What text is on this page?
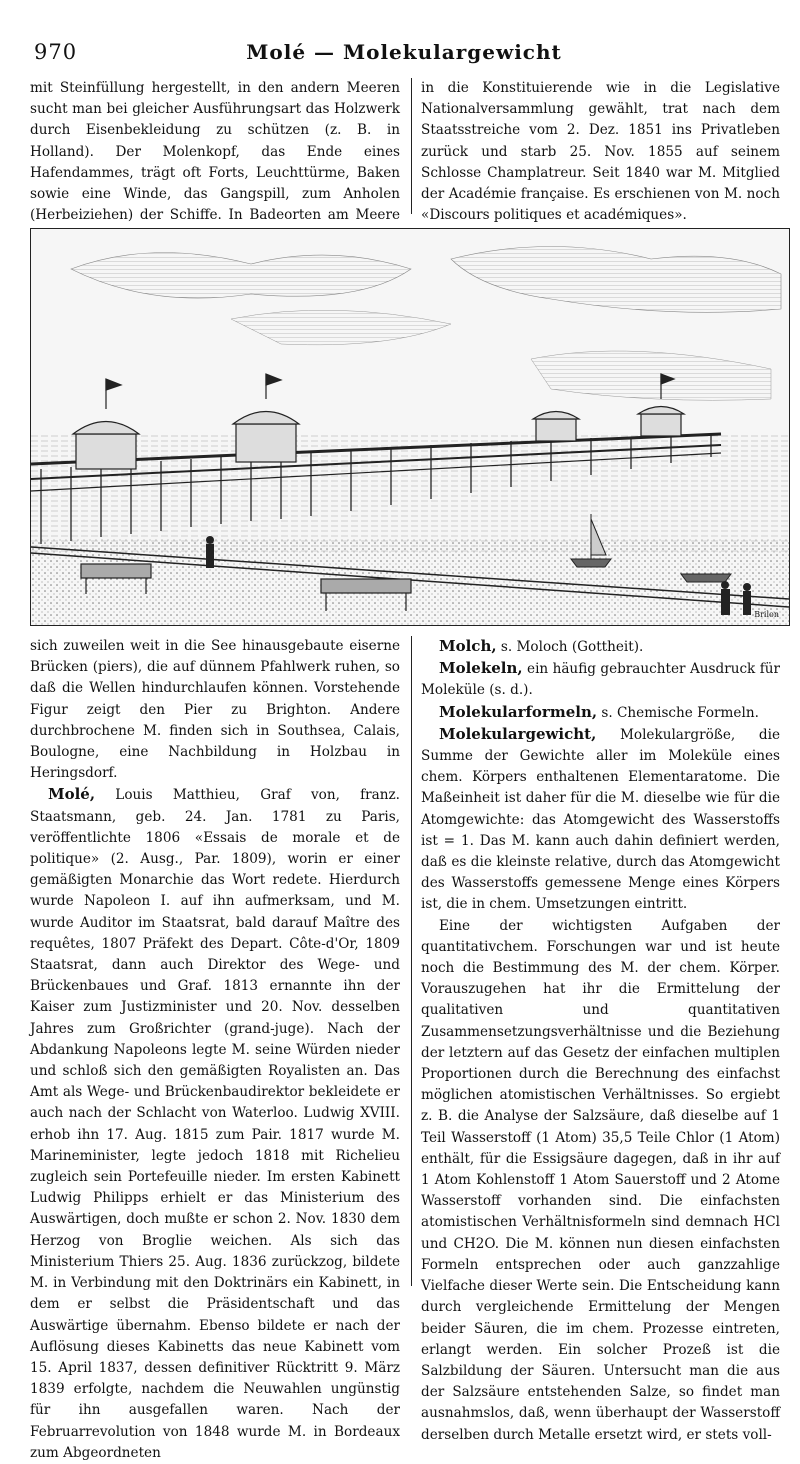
970	Molé — Molekulargewicht

mit Steinfüllung hergestellt, in den andern Meeren sucht man bei gleicher Ausführungsart das Holzwerk durch Eisenbekleidung zu schützen (z. B. in Holland). Der Molenkopf, das Ende eines Hafendammes, trägt oft Forts, Leuchttürme, Baken sowie eine Winde, das Gangspill, zum Anholen (Herbeiziehen) der Schiffe. In Badeorten am Meere

in die Konstituierende wie in die Legislative Nationalversammlung gewählt, trat nach dem Staatsstreiche vom 2. Dez. 1851 ins Privatleben zurück und starb 25. Nov. 1855 auf seinem Schlosse Champlatreur. Seit 1840 war M. Mitglied der Académie française. Es erschienen von M. noch «Discours politiques et académiques».

Brilon

sich zuweilen weit in die See hinausgebaute eiserne Brücken (piers), die auf dünnem Pfahlwerk ruhen, so daß die Wellen hindurchlaufen können. Vorstehende Figur zeigt den Pier zu Brighton. Andere durchbrochene M. finden sich in Southsea, Calais, Boulogne, eine Nachbildung in Holzbau in Heringsdorf.

Molé, Louis Matthieu, Graf von, franz. Staatsmann, geb. 24. Jan. 1781 zu Paris, veröffentlichte 1806 «Essais de morale et de politique» (2. Ausg., Par. 1809), worin er einer gemäßigten Monarchie das Wort redete. Hierdurch wurde Napoleon I. auf ihn aufmerksam, und M. wurde Auditor im Staatsrat, bald darauf Maître des requêtes, 1807 Präfekt des Depart. Côte-d'Or, 1809 Staatsrat, dann auch Direktor des Wege- und Brückenbaues und Graf. 1813 ernannte ihn der Kaiser zum Justizminister und 20. Nov. desselben Jahres zum Großrichter (grand-juge). Nach der Abdankung Napoleons legte M. seine Würden nieder und schloß sich den gemäßigten Royalisten an. Das Amt als Wege- und Brückenbaudirektor bekleidete er auch nach der Schlacht von Waterloo. Ludwig XVIII. erhob ihn 17. Aug. 1815 zum Pair. 1817 wurde M. Marineminister, legte jedoch 1818 mit Richelieu zugleich sein Portefeuille nieder. Im ersten Kabinett Ludwig Philipps erhielt er das Ministerium des Auswärtigen, doch mußte er schon 2. Nov. 1830 dem Herzog von Broglie weichen. Als sich das Ministerium Thiers 25. Aug. 1836 zurückzog, bildete M. in Verbindung mit den Doktrinärs ein Kabinett, in dem er selbst die Präsidentschaft und das Auswärtige übernahm. Ebenso bildete er nach der Auflösung dieses Kabinetts das neue Kabinett vom 15. April 1837, dessen definitiver Rücktritt 9. März 1839 erfolgte, nachdem die Neuwahlen ungünstig für ihn ausgefallen waren. Nach der Februarrevolution von 1848 wurde M. in Bordeaux zum Abgeordneten

Molch, s. Moloch (Gottheit).

Molekeln, ein häufig gebrauchter Ausdruck für Moleküle (s. d.).

Molekularformeln, s. Chemische Formeln.

Molekulargewicht, Molekulargröße, die Summe der Gewichte aller im Moleküle eines chem. Körpers enthaltenen Elementaratome. Die Maßeinheit ist daher für die M. dieselbe wie für die Atomgewichte: das Atomgewicht des Wasserstoffs ist = 1. Das M. kann auch dahin definiert werden, daß es die kleinste relative, durch das Atomgewicht des Wasserstoffs gemessene Menge eines Körpers ist, die in chem. Umsetzungen eintritt.

Eine der wichtigsten Aufgaben der quantitativchem. Forschungen war und ist heute noch die Bestimmung des M. der chem. Körper. Vorauszugehen hat ihr die Ermittelung der qualitativen und quantitativen Zusammensetzungsverhältnisse und die Beziehung der letztern auf das Gesetz der einfachen multiplen Proportionen durch die Berechnung des einfachst möglichen atomistischen Verhältnisses. So ergiebt z. B. die Analyse der Salzsäure, daß dieselbe auf 1 Teil Wasserstoff (1 Atom) 35,5 Teile Chlor (1 Atom) enthält, für die Essigsäure dagegen, daß in ihr auf 1 Atom Kohlenstoff 1 Atom Sauerstoff und 2 Atome Wasserstoff vorhanden sind. Die einfachsten atomistischen Verhältnisformeln sind demnach HCl und CH2O. Die M. können nun diesen einfachsten Formeln entsprechen oder auch ganzzahlige Vielfache dieser Werte sein. Die Entscheidung kann durch vergleichende Ermittelung der Mengen beider Säuren, die im chem. Prozesse eintreten, erlangt werden. Ein solcher Prozeß ist die Salzbildung der Säuren. Untersucht man die aus der Salzsäure entstehenden Salze, so findet man ausnahmslos, daß, wenn überhaupt der Wasserstoff derselben durch Metalle ersetzt wird, er stets voll-
